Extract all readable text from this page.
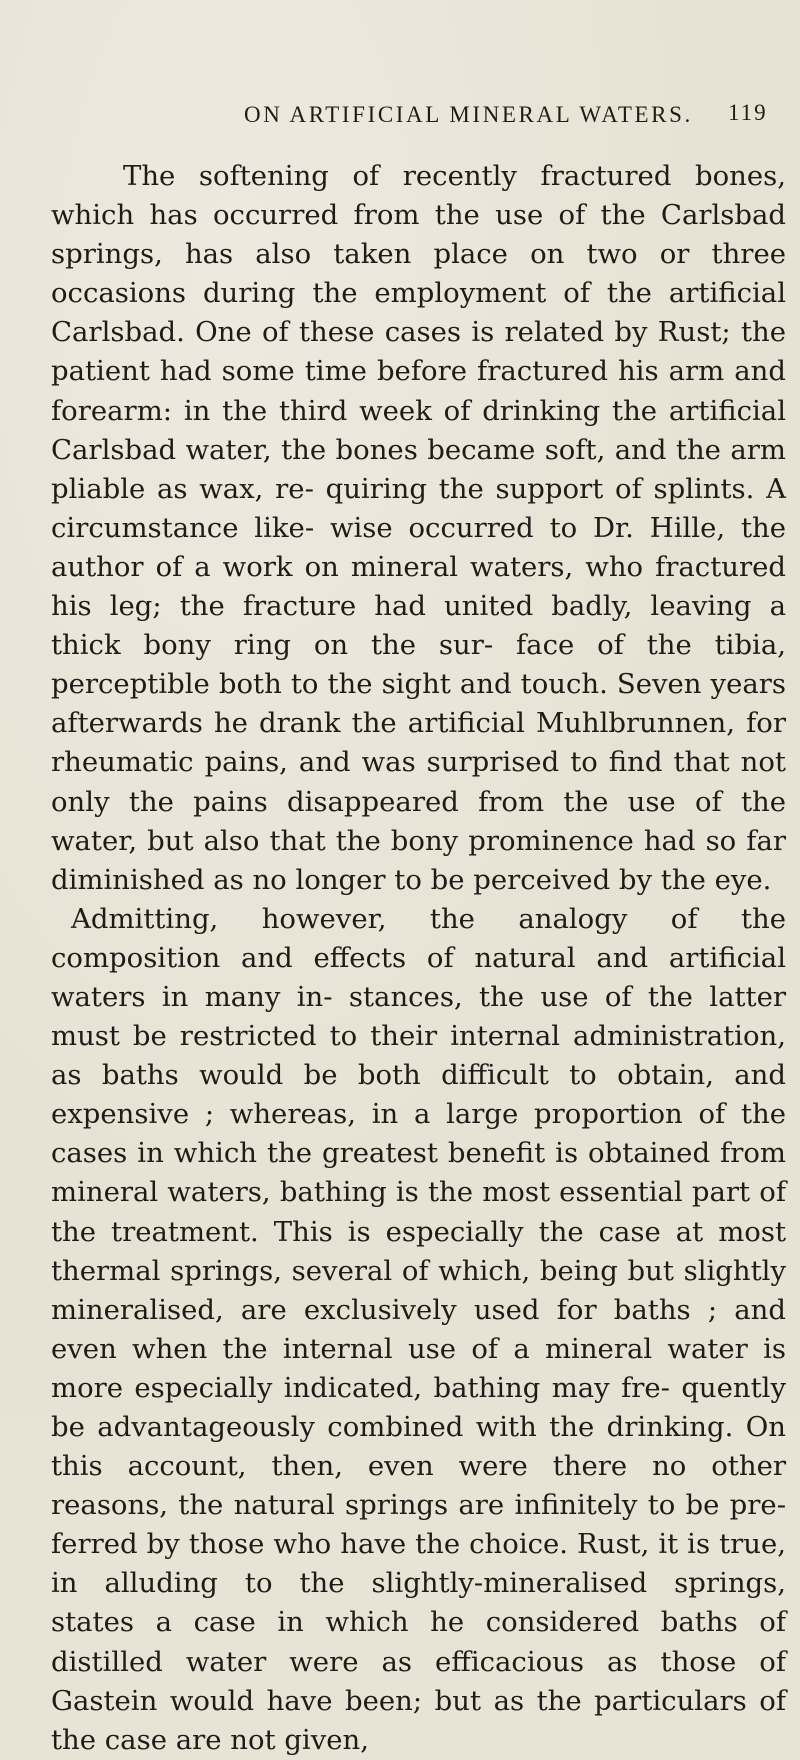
ON ARTIFICIAL MINERAL WATERS. 119

The softening of recently fractured bones, which has occurred from the use of the Carlsbad springs, has also taken place on two or three occasions during the employment of the artificial Carlsbad. One of these cases is related by Rust; the patient had some time before fractured his arm and forearm: in the third week of drinking the artificial Carlsbad water, the bones became soft, and the arm pliable as wax, re- quiring the support of splints. A circumstance like- wise occurred to Dr. Hille, the author of a work on mineral waters, who fractured his leg; the fracture had united badly, leaving a thick bony ring on the sur- face of the tibia, perceptible both to the sight and touch. Seven years afterwards he drank the artificial Muhlbrunnen, for rheumatic pains, and was surprised to find that not only the pains disappeared from the use of the water, but also that the bony prominence had so far diminished as no longer to be perceived by the eye.

Admitting, however, the analogy of the composition and effects of natural and artificial waters in many in- stances, the use of the latter must be restricted to their internal administration, as baths would be both difficult to obtain, and expensive ; whereas, in a large proportion of the cases in which the greatest benefit is obtained from mineral waters, bathing is the most essential part of the treatment. This is especially the case at most thermal springs, several of which, being but slightly mineralised, are exclusively used for baths ; and even when the internal use of a mineral water is more especially indicated, bathing may fre- quently be advantageously combined with the drinking. On this account, then, even were there no other reasons, the natural springs are infinitely to be pre- ferred by those who have the choice. Rust, it is true, in alluding to the slightly-mineralised springs, states a case in which he considered baths of distilled water were as efficacious as those of Gastein would have been; but as the particulars of the case are not given,
